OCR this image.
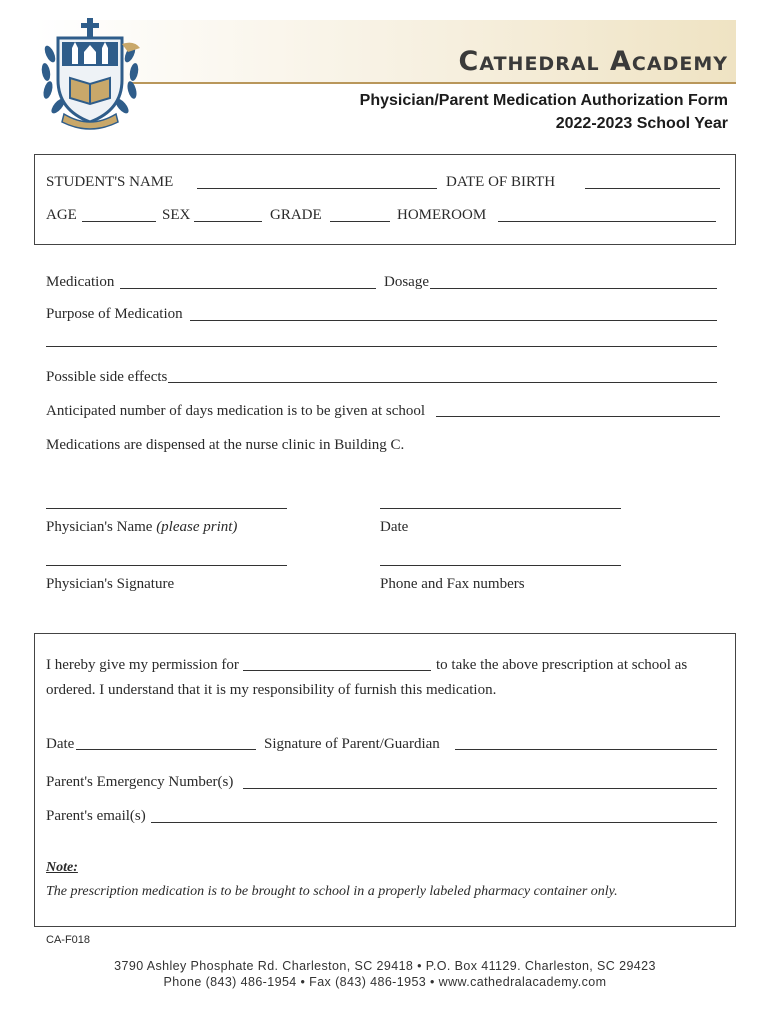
Cathedral Academy
Physician/Parent Medication Authorization Form
2022-2023 School Year
STUDENT'S NAME	DATE OF BIRTH
AGE	SEX	GRADE	HOMEROOM
Medication	Dosage
Purpose of Medication
Possible side effects
Anticipated number of days medication is to be given at school
Medications are dispensed at the nurse clinic in Building C.
Physician's Name (please print)	Date
Physician's Signature	Phone and Fax numbers
I hereby give my permission for	to take the above prescription at school as
ordered. I understand that it is my responsibility of furnish this medication.
Date	Signature of Parent/Guardian
Parent's Emergency Number(s)
Parent's email(s)
Note:
The prescription medication is to be brought to school in a properly labeled pharmacy container only.
CA-F018
3790 Ashley Phosphate Rd. Charleston, SC 29418 • P.O. Box 41129. Charleston, SC 29423
Phone (843) 486-1954 • Fax (843) 486-1953 • www.cathedralacademy.com
